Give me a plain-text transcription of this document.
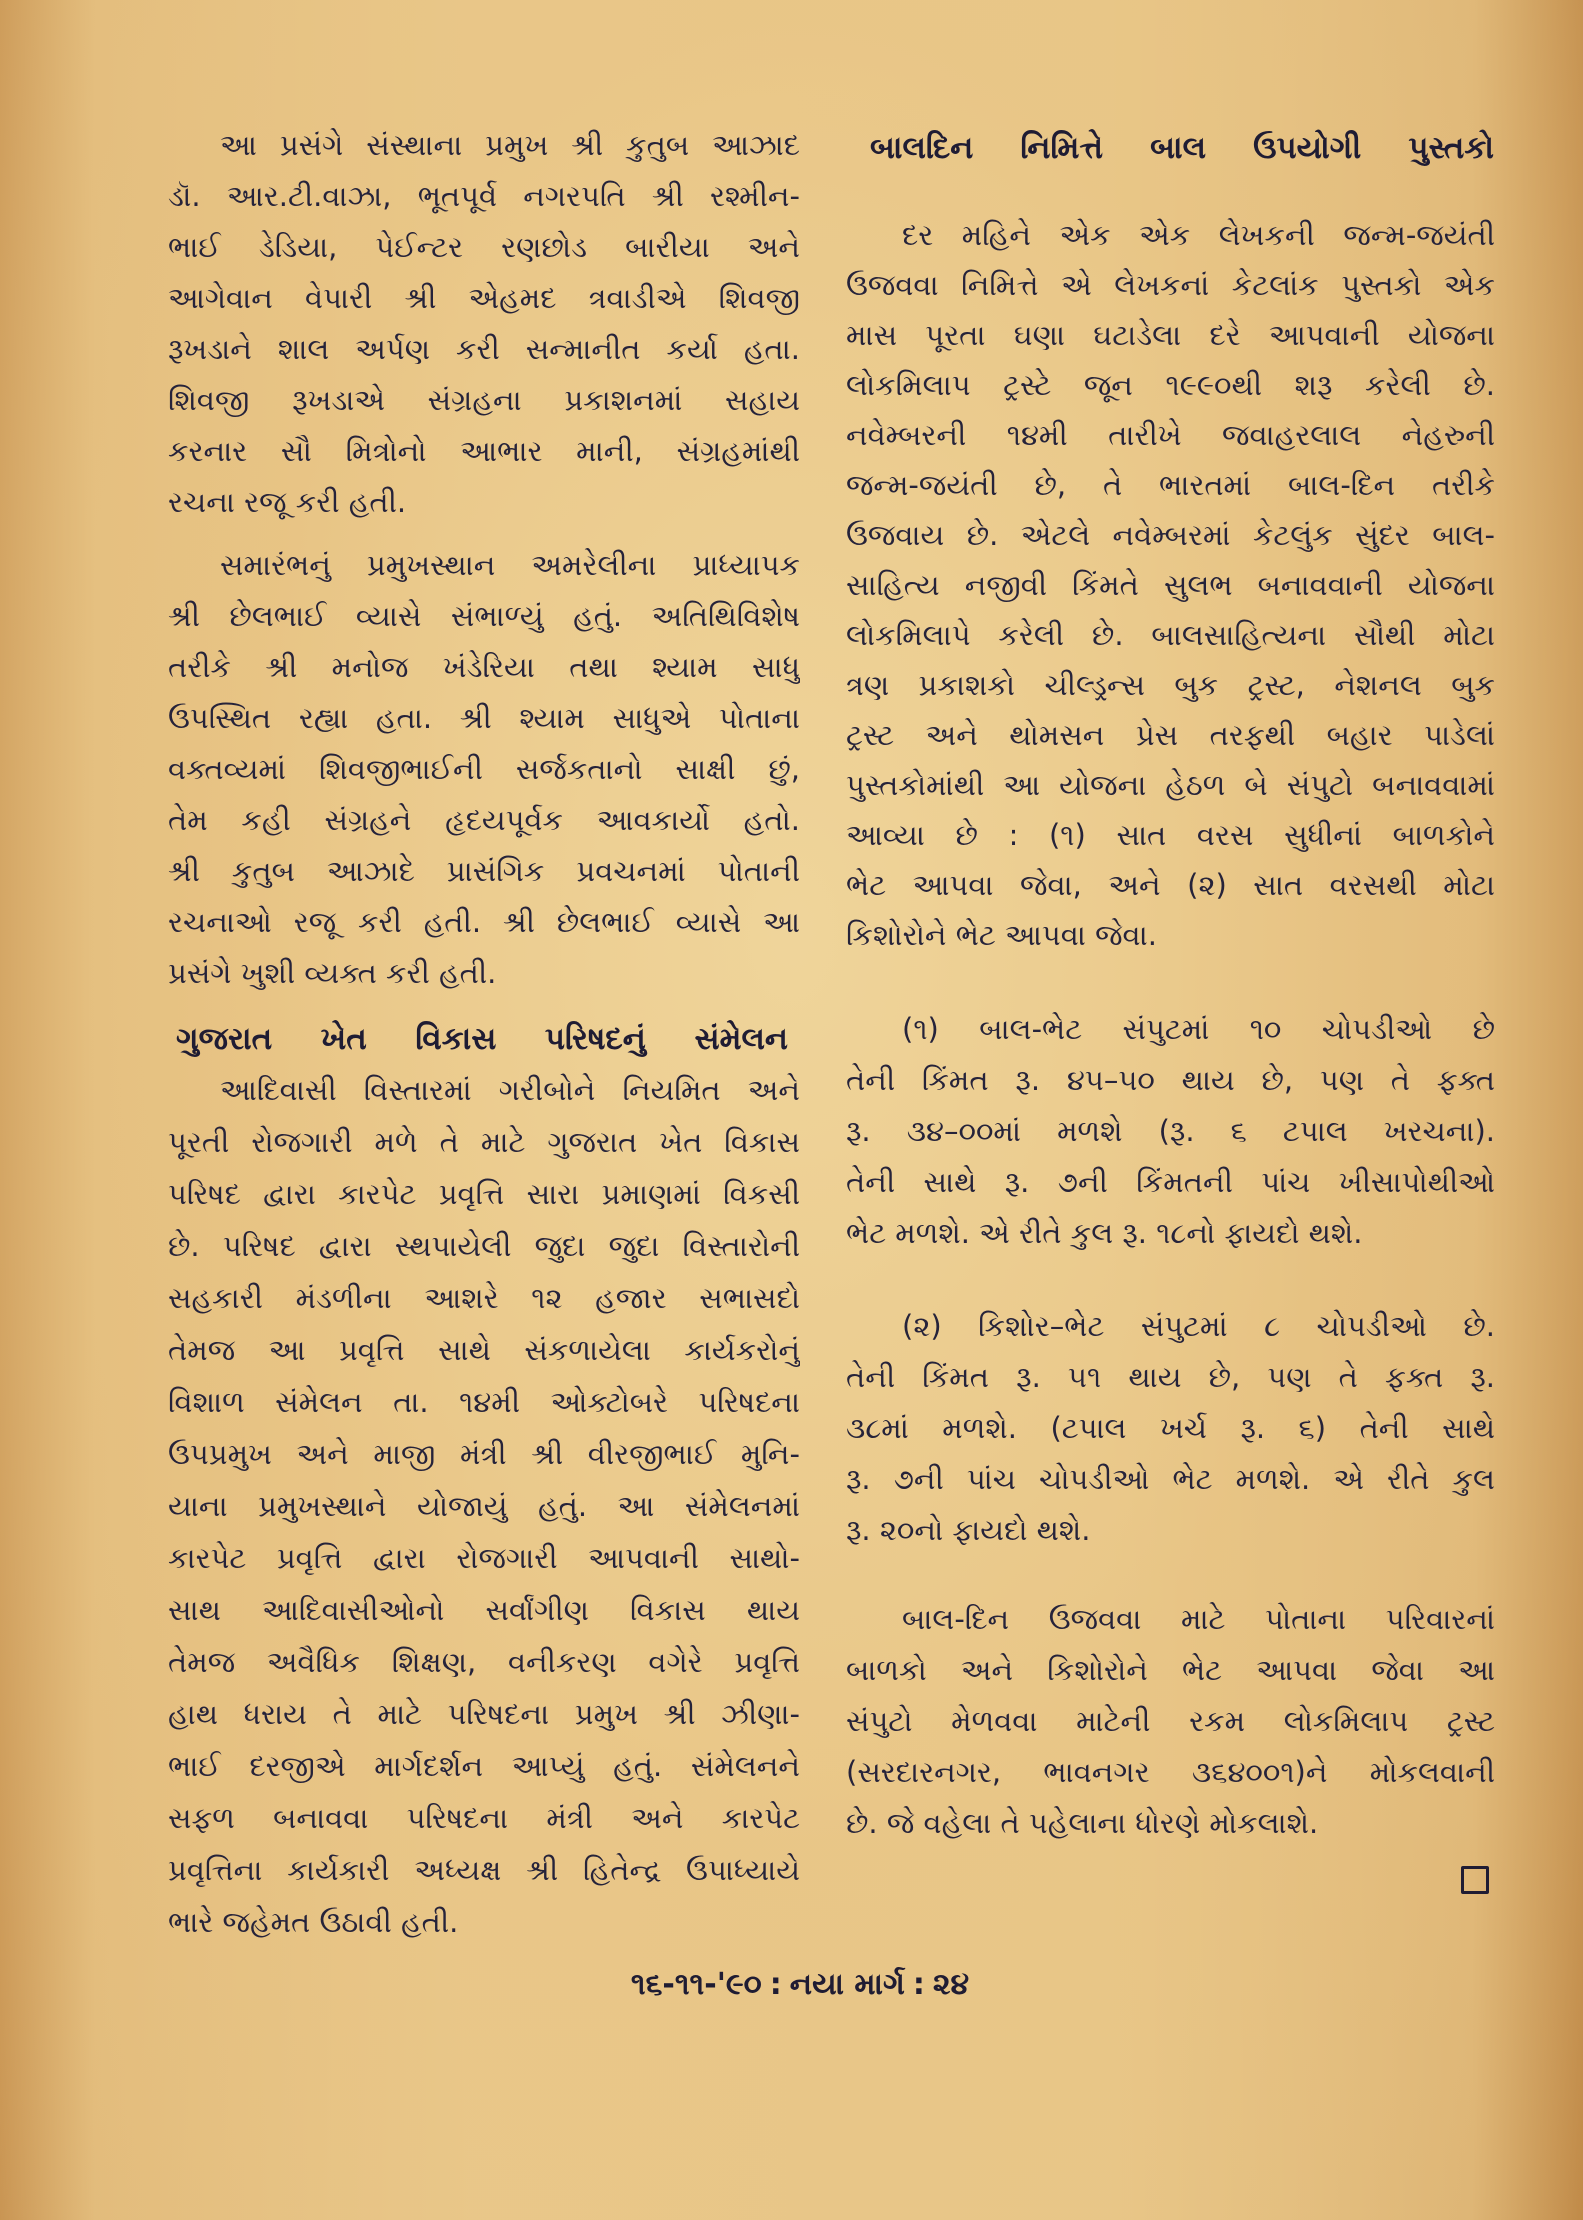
આ પ્રસંગે સંસ્થાના પ્રમુખ શ્રી કુતુબ આઝાદ
ડૉ. આર.ટી.વાઝા, ભૂતપૂર્વ નગરપતિ શ્રી રશ્મીન-
ભાઈ ડેડિયા, પેઈન્ટર રણછોડ બારીયા અને
આગેવાન વેપારી શ્રી એહમદ ત્રવાડીએ શિવજી
રૂખડાને શાલ અર્પણ કરી સન્માનીત કર્યા હતા.
શિવજી રૂખડાએ સંગ્રહના પ્રકાશનમાં સહાય
કરનાર સૌ મિત્રોનો આભાર માની, સંગ્રહમાંથી
રચના રજૂ કરી હતી.
સમારંભનું પ્રમુખસ્થાન અમરેલીના પ્રાધ્યાપક
શ્રી છેલભાઈ વ્યાસે સંભાળ્યું હતું. અતિથિવિશેષ
તરીકે શ્રી મનોજ ખંડેરિયા તથા શ્યામ સાધુ
ઉપસ્થિત રહ્યા હતા. શ્રી શ્યામ સાધુએ પોતાના
વક્તવ્યમાં શિવજીભાઈની સર્જકતાનો સાક્ષી છું,
તેમ કહી સંગ્રહને હૃદયપૂર્વક આવકાર્યો હતો.
શ્રી કુતુબ આઝાદે પ્રાસંગિક પ્રવચનમાં પોતાની
રચનાઓ રજૂ કરી હતી. શ્રી છેલભાઈ વ્યાસે આ
પ્રસંગે ખુશી વ્યક્ત કરી હતી.
ગુજરાત ખેત વિકાસ પરિષદનું સંમેલન
આદિવાસી વિસ્તારમાં ગરીબોને નિયમિત અને
પૂરતી રોજગારી મળે તે માટે ગુજરાત ખેત વિકાસ
પરિષદ દ્વારા કારપેટ પ્રવૃત્તિ સારા પ્રમાણમાં વિકસી
છે. પરિષદ દ્વારા સ્થપાયેલી જુદા જુદા વિસ્તારોની
સહકારી મંડળીના આશરે ૧૨ હજાર સભાસદો
તેમજ આ પ્રવૃત્તિ સાથે સંકળાયેલા કાર્યકરોનું
વિશાળ સંમેલન તા. ૧૪મી ઓક્ટોબરે પરિષદના
ઉપપ્રમુખ અને માજી મંત્રી શ્રી વીરજીભાઈ મુનિ-
યાના પ્રમુખસ્થાને યોજાયું હતું. આ સંમેલનમાં
કારપેટ પ્રવૃત્તિ દ્વારા રોજગારી આપવાની સાથો-
સાથ આદિવાસીઓનો સર્વાંગીણ વિકાસ થાય
તેમજ અવૈધિક શિક્ષણ, વનીકરણ વગેરે પ્રવૃત્તિ
હાથ ધરાય તે માટે પરિષદના પ્રમુખ શ્રી ઝીણા-
ભાઈ દરજીએ માર્ગદર્શન આપ્યું હતું. સંમેલનને
સફળ બનાવવા પરિષદના મંત્રી અને કારપેટ
પ્રવૃત્તિના કાર્યકારી અધ્યક્ષ શ્રી હિતેન્દ્ર ઉપાધ્યાયે
ભારે જહેમત ઉઠાવી હતી.
બાલદિન નિમિત્તે બાલ ઉપયોગી પુસ્તકો
દર મહિને એક એક લેખકની જન્મ-જયંતી
ઉજવવા નિમિત્તે એ લેખકનાં કેટલાંક પુસ્તકો એક
માસ પૂરતા ઘણા ઘટાડેલા દરે આપવાની યોજના
લોકમિલાપ ટ્રસ્ટે જૂન ૧૯૯૦થી શરૂ કરેલી છે.
નવેમ્બરની ૧૪મી તારીખે જવાહરલાલ નેહરુની
જન્મ-જયંતી છે, તે ભારતમાં બાલ-દિન તરીકે
ઉજવાય છે. એટલે નવેમ્બરમાં કેટલુંક સુંદર બાલ-
સાહિત્ય નજીવી કિંમતે સુલભ બનાવવાની યોજના
લોકમિલાપે કરેલી છે. બાલસાહિત્યના સૌથી મોટા
ત્રણ પ્રકાશકો ચીલ્ડ્રન્સ બુક ટ્રસ્ટ, નેશનલ બુક
ટ્રસ્ટ અને થોમસન પ્રેસ તરફથી બહાર પાડેલાં
પુસ્તકોમાંથી આ યોજના હેઠળ બે સંપુટો બનાવવામાં
આવ્યા છે : (૧) સાત વરસ સુધીનાં બાળકોને
ભેટ આપવા જેવા, અને (૨) સાત વરસથી મોટા
કિશોરોને ભેટ આપવા જેવા.
(૧) બાલ-ભેટ સંપુટમાં ૧૦ ચોપડીઓ છે
તેની કિંમત રૂ. ૪૫–૫૦ થાય છે, પણ તે ફક્ત
રૂ. ૩૪–૦૦માં મળશે (રૂ. ૬ ટપાલ ખરચના).
તેની સાથે રૂ. ૭ની કિંમતની પાંચ ખીસાપોથીઓ
ભેટ મળશે. એ રીતે કુલ રૂ. ૧૮નો ફાયદો થશે.
(૨) કિશોર–ભેટ સંપુટમાં ૮ ચોપડીઓ છે.
તેની કિંમત રૂ. ૫૧ થાય છે, પણ તે ફક્ત રૂ.
૩૮માં મળશે. (ટપાલ ખર્ચ રૂ. ૬) તેની સાથે
રૂ. ૭ની પાંચ ચોપડીઓ ભેટ મળશે. એ રીતે કુલ
રૂ. ૨૦નો ફાયદો થશે.
બાલ-દિન ઉજવવા માટે પોતાના પરિવારનાં
બાળકો અને કિશોરોને ભેટ આપવા જેવા આ
સંપુટો મેળવવા માટેની રકમ લોકમિલાપ ટ્રસ્ટ
(સરદારનગર, ભાવનગર ૩૬૪૦૦૧)ને મોકલવાની
છે. જે વહેલા તે પહેલાના ધોરણે મોકલાશે.
૧૬-૧૧-'૯૦ : નયા માર્ગ : ૨૪
